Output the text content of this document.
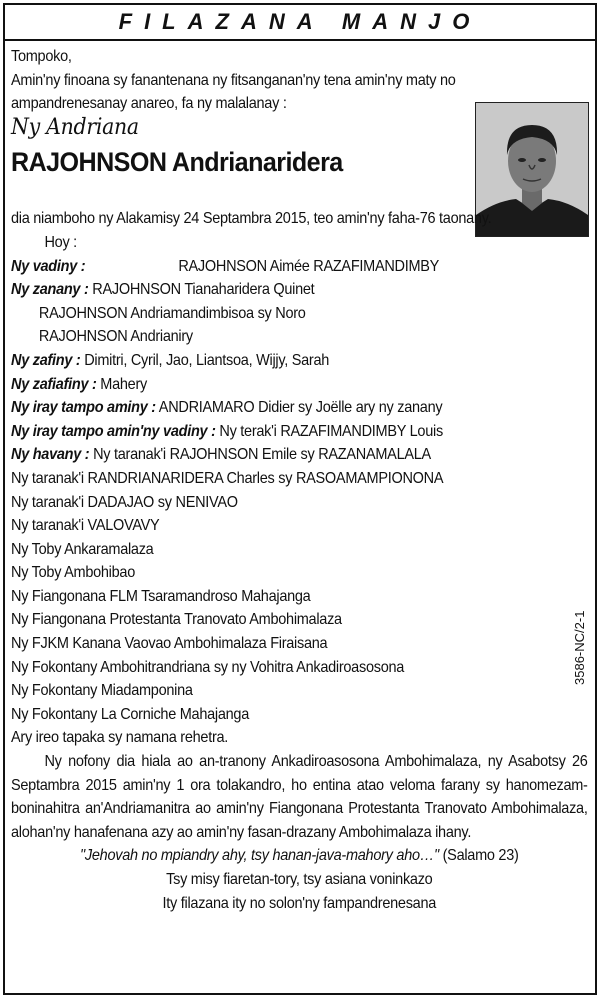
FILAZANA MANJO
Tompoko,
Amin'ny finoana sy fanantenana ny fitsanganan'ny tena amin'ny maty no
ampandrenesanay anareo, fa ny malalanay :
Ny Andriana
RAJOHNSON Andrianaridera
dia niamboho ny Alakamisy 24 Septambra 2015, teo amin'ny faha-76 taonany.
Hoy :
Ny vadiny :	RAJOHNSON Aimée RAZAFIMANDIMBY
Ny zanany : RAJOHNSON Tianaharidera Quinet
RAJOHNSON Andriamandimbisoa sy Noro
RAJOHNSON Andrianiry
Ny zafiny : Dimitri, Cyril, Jao, Liantsoa, Wijjy, Sarah
Ny zafiafiny : Mahery
Ny iray tampo aminy : ANDRIAMARO Didier sy Joëlle ary ny zanany
Ny iray tampo amin'ny vadiny : Ny terak'i RAZAFIMANDIMBY Louis
Ny havany : Ny taranak'i RAJOHNSON Emile sy RAZANAMALALA
Ny taranak'i RANDRIANARIDERA Charles sy RASOAMAMPIONONA
Ny taranak'i DADAJAO sy NENIVAO
Ny taranak'i VALOVAVY
Ny Toby Ankaramalaza
Ny Toby Ambohibao
Ny Fiangonana FLM Tsaramandroso Mahajanga
Ny Fiangonana Protestanta Tranovato Ambohimalaza
Ny FJKM Kanana Vaovao Ambohimalaza Firaisana
Ny Fokontany Ambohitrandriana sy ny Vohitra Ankadiroasosona
Ny Fokontany Miadamponina
Ny Fokontany La Corniche Mahajanga
Ary ireo tapaka sy namana rehetra.
Ny nofony dia hiala ao an-tranony Ankadiroasosona Ambohimalaza, ny Asabotsy 26 Septambra 2015 amin'ny 1 ora tolakandro, ho entina atao veloma farany sy hanomezam-boninahitra an'Andriamanitra ao amin'ny Fiangonana Protestanta Tranovato Ambohimalaza, alohan'ny hanafenana azy ao amin'ny fasan-drazany Ambohimalaza ihany.
"Jehovah no mpiandry ahy, tsy hanan-java-mahory aho…" (Salamo 23)
Tsy misy fiaretan-tory, tsy asiana voninkazo
Ity filazana ity no solon'ny fampandrenesana
3586-NC/2-1
